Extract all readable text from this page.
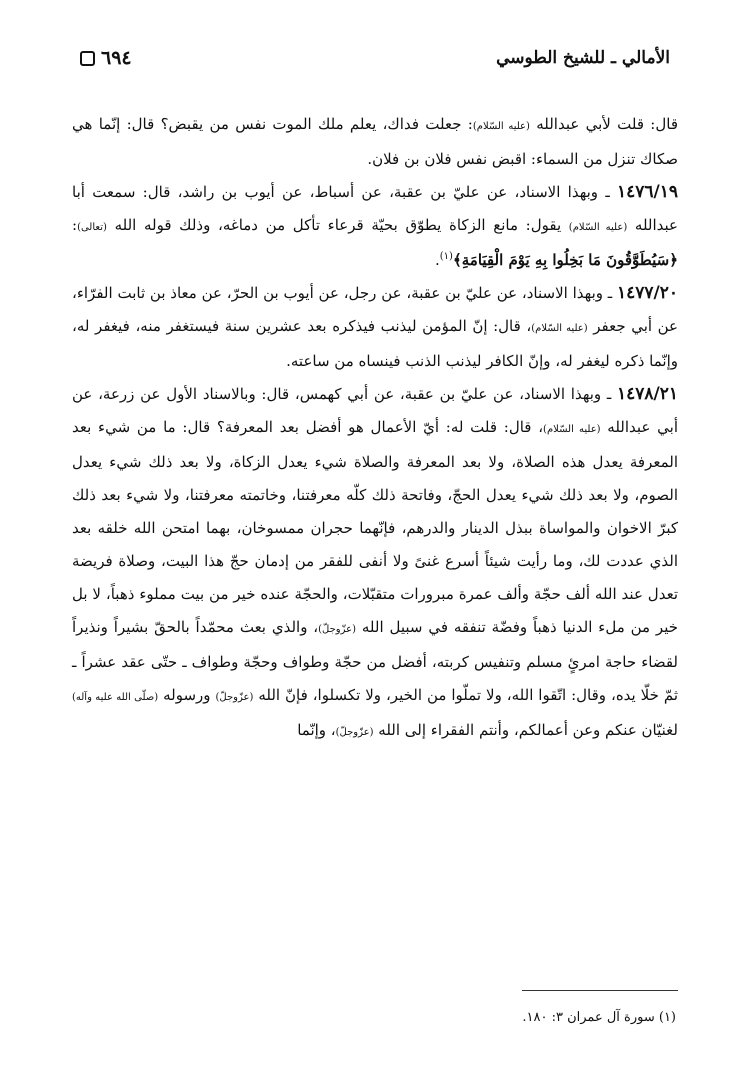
٦٩٤	الأمالي ـ للشيخ الطوسي

قال: قلت لأبي عبدالله (عليه السّلام): جعلت فداك، يعلم ملك الموت نفس من يقبض؟ قال: إنّما هي صكاك تنزل من السماء: اقبض نفس فلان بن فلان.

١٤٧٦/١٩ ـ وبهذا الاسناد، عن عليّ بن عقبة، عن أسباط، عن أيوب بن راشد، قال: سمعت أبا عبدالله (عليه السّلام) يقول: مانع الزكاة يطوّق بحيّة قرعاء تأكل من دماغه، وذلك قوله الله (تعالى): ﴿سَيُطَوَّقُونَ مَا بَخِلُوا بِهِ يَوْمَ الْقِيَامَةِ﴾$^{(١)}$.

١٤٧٧/٢٠ ـ وبهذا الاسناد، عن عليّ بن عقبة، عن رجل، عن أيوب بن الحرّ، عن معاذ بن ثابت الفرّاء، عن أبي جعفر (عليه السّلام)، قال: إنّ المؤمن ليذنب فيذكره بعد عشرين سنة فيستغفر منه، فيغفر له، وإنّما ذكره ليغفر له، وإنّ الكافر ليذنب الذنب فينساه من ساعته.

١٤٧٨/٢١ ـ وبهذا الاسناد، عن عليّ بن عقبة، عن أبي كهمس، قال: وبالاسناد الأول عن زرعة، عن أبي عبدالله (عليه السّلام)، قال: قلت له: أيّ الأعمال هو أفضل بعد المعرفة؟ قال: ما من شيء بعد المعرفة يعدل هذه الصلاة، ولا بعد المعرفة والصلاة شيء يعدل الزكاة، ولا بعد ذلك شيء يعدل الصوم، ولا بعد ذلك شيء يعدل الحجّ، وفاتحة ذلك كلّه معرفتنا، وخاتمته معرفتنا، ولا شيء بعد ذلك كبرّ الاخوان والمواساة ببذل الدينار والدرهم، فإنّهما حجران ممسوخان، بهما امتحن الله خلقه بعد الذي عددت لك، وما رأيت شيئاً أسرع غنىً ولا أنفى للفقر من إدمان حجّ هذا البيت، وصلاة فريضة تعدل عند الله ألف حجّة وألف عمرة مبرورات متقبّلات، والحجّة عنده خير من بيت مملوء ذهباً، لا بل خير من ملء الدنيا ذهباً وفضّة تنفقه في سبيل الله (عزّوجلّ)، والذي بعث محمّداً بالحقّ بشيراً ونذيراً لقضاء حاجة امرئٍ مسلم وتنفيس كربته، أفضل من حجّة وطواف وحجّة وطواف ـ حتّى عقد عشراً ـ ثمّ خلّا يده، وقال: اتّقوا الله، ولا تملّوا من الخير، ولا تكسلوا، فإنّ الله (عزّوجلّ) ورسوله (صلّى الله عليه وآله) لغنيّان عنكم وعن أعمالكم، وأنتم الفقراء إلى الله (عزّوجلّ)، وإنّما

(١) سورة آل عمران ٣: ١٨٠.
